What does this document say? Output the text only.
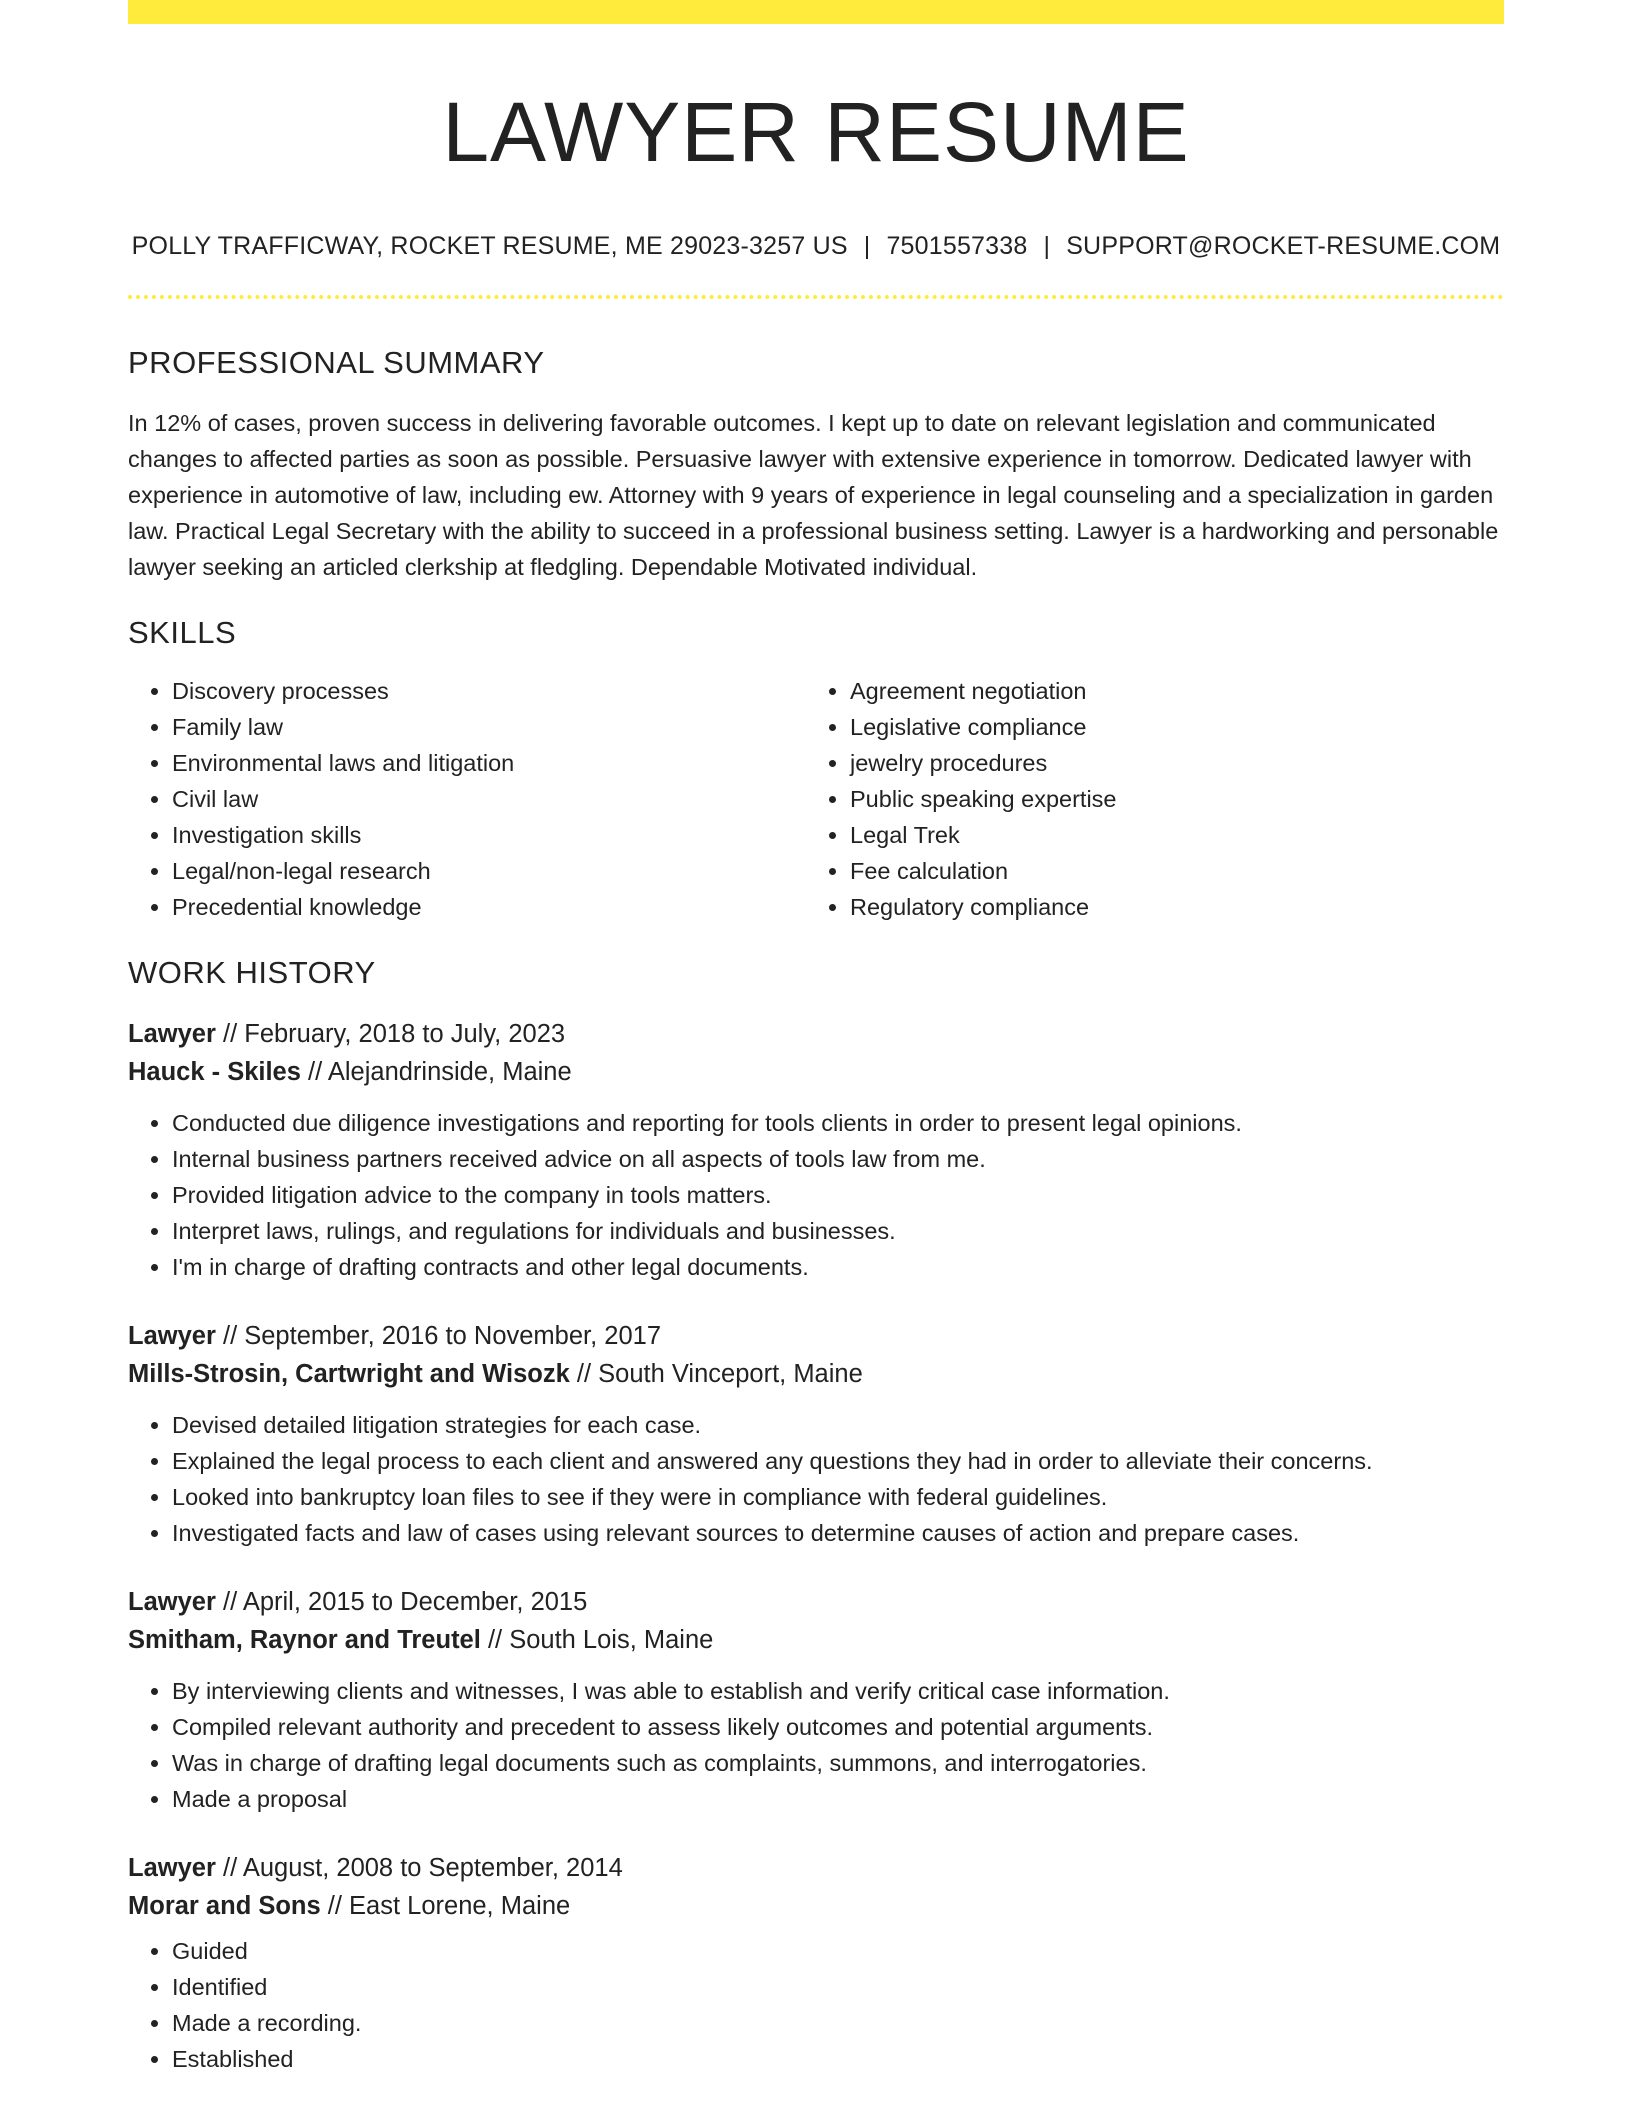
LAWYER RESUME
POLLY TRAFFICWAY, ROCKET RESUME, ME 29023-3257 US | 7501557338 | SUPPORT@ROCKET-RESUME.COM
PROFESSIONAL SUMMARY

In 12% of cases, proven success in delivering favorable outcomes. I kept up to date on relevant legislation and communicated changes to affected parties as soon as possible. Persuasive lawyer with extensive experience in tomorrow. Dedicated lawyer with experience in automotive of law, including ew. Attorney with 9 years of experience in legal counseling and a specialization in garden law. Practical Legal Secretary with the ability to succeed in a professional business setting. Lawyer is a hardworking and personable lawyer seeking an articled clerkship at fledgling. Dependable Motivated individual.

SKILLS
• Discovery processes
• Family law
• Environmental laws and litigation
• Civil law
• Investigation skills
• Legal/non-legal research
• Precedential knowledge
• Agreement negotiation
• Legislative compliance
• jewelry procedures
• Public speaking expertise
• Legal Trek
• Fee calculation
• Regulatory compliance
WORK HISTORY
Lawyer // February, 2018 to July, 2023
Hauck - Skiles // Alejandrinside, Maine
• Conducted due diligence investigations and reporting for tools clients in order to present legal opinions.
• Internal business partners received advice on all aspects of tools law from me.
• Provided litigation advice to the company in tools matters.
• Interpret laws, rulings, and regulations for individuals and businesses.
• I'm in charge of drafting contracts and other legal documents.
Lawyer // September, 2016 to November, 2017
Mills-Strosin, Cartwright and Wisozk // South Vinceport, Maine
• Devised detailed litigation strategies for each case.
• Explained the legal process to each client and answered any questions they had in order to alleviate their concerns.
• Looked into bankruptcy loan files to see if they were in compliance with federal guidelines.
• Investigated facts and law of cases using relevant sources to determine causes of action and prepare cases.
Lawyer // April, 2015 to December, 2015
Smitham, Raynor and Treutel // South Lois, Maine
• By interviewing clients and witnesses, I was able to establish and verify critical case information.
• Compiled relevant authority and precedent to assess likely outcomes and potential arguments.
• Was in charge of drafting legal documents such as complaints, summons, and interrogatories.
• Made a proposal
Lawyer // August, 2008 to September, 2014
Morar and Sons // East Lorene, Maine
• Guided
• Identified
• Made a recording.
• Established
